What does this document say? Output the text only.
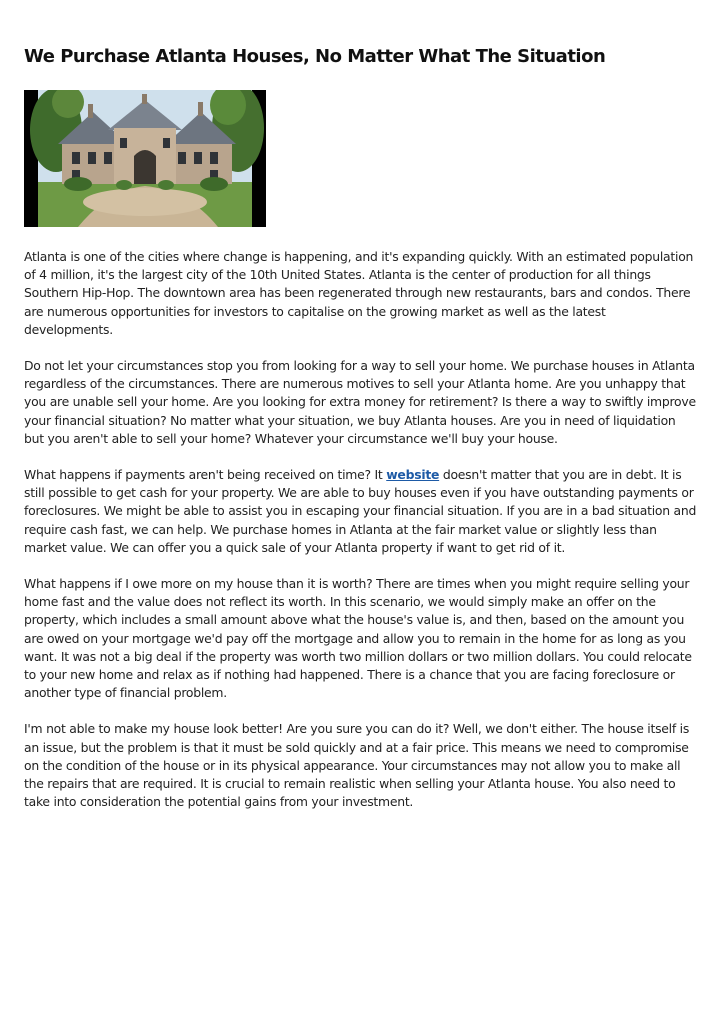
We Purchase Atlanta Houses, No Matter What The Situation

Atlanta is one of the cities where change is happening, and it's expanding quickly. With an estimated population of 4 million, it's the largest city of the 10th United States. Atlanta is the center of production for all things Southern Hip-Hop. The downtown area has been regenerated through new restaurants, bars and condos. There are numerous opportunities for investors to capitalise on the growing market as well as the latest developments.

Do not let your circumstances stop you from looking for a way to sell your home. We purchase houses in Atlanta regardless of the circumstances. There are numerous motives to sell your Atlanta home. Are you unhappy that you are unable sell your home. Are you looking for extra money for retirement? Is there a way to swiftly improve your financial situation? No matter what your situation, we buy Atlanta houses. Are you in need of liquidation but you aren't able to sell your home? Whatever your circumstance we'll buy your house.

What happens if payments aren't being received on time? It website doesn't matter that you are in debt. It is still possible to get cash for your property. We are able to buy houses even if you have outstanding payments or foreclosures. We might be able to assist you in escaping your financial situation. If you are in a bad situation and require cash fast, we can help. We purchase homes in Atlanta at the fair market value or slightly less than market value. We can offer you a quick sale of your Atlanta property if want to get rid of it.

What happens if I owe more on my house than it is worth? There are times when you might require selling your home fast and the value does not reflect its worth. In this scenario, we would simply make an offer on the property, which includes a small amount above what the house's value is, and then, based on the amount you are owed on your mortgage we'd pay off the mortgage and allow you to remain in the home for as long as you want. It was not a big deal if the property was worth two million dollars or two million dollars. You could relocate to your new home and relax as if nothing had happened. There is a chance that you are facing foreclosure or another type of financial problem.

I'm not able to make my house look better! Are you sure you can do it? Well, we don't either. The house itself is an issue, but the problem is that it must be sold quickly and at a fair price. This means we need to compromise on the condition of the house or in its physical appearance. Your circumstances may not allow you to make all the repairs that are required. It is crucial to remain realistic when selling your Atlanta house. You also need to take into consideration the potential gains from your investment.
